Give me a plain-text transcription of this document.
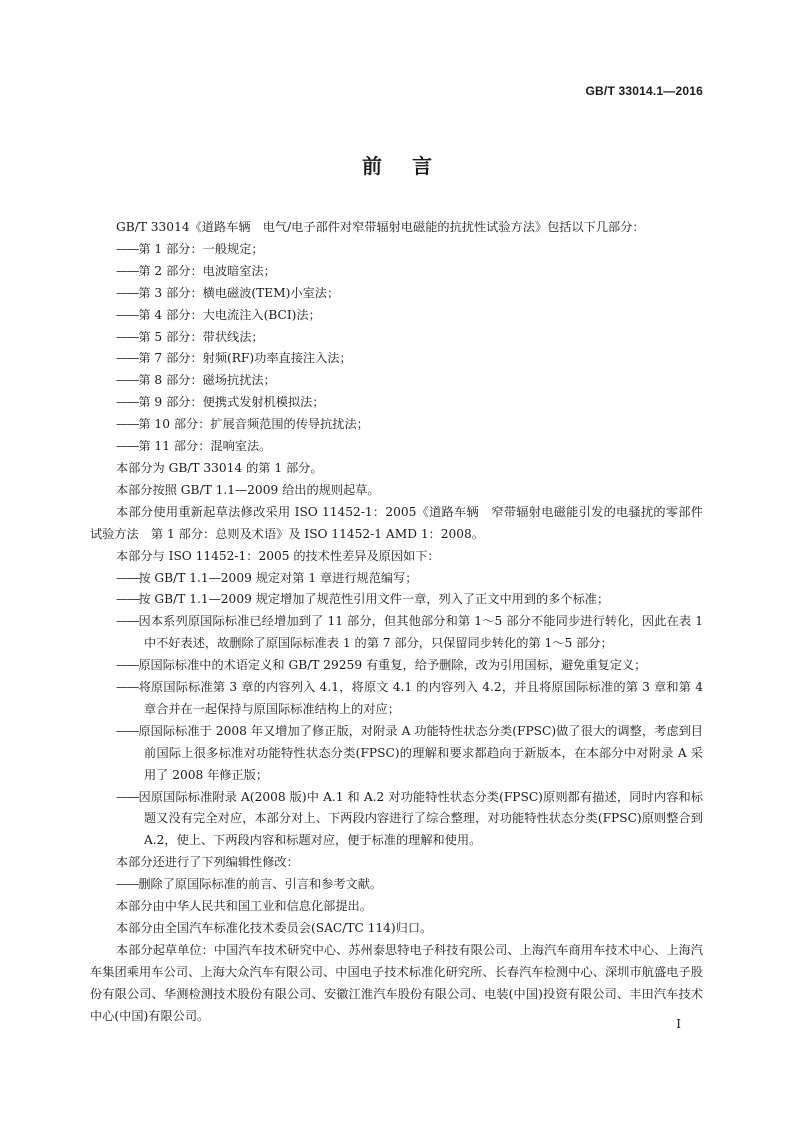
GB/T 33014.1—2016

前言

GB/T 33014《道路车辆　电气/电子部件对窄带辐射电磁能的抗扰性试验方法》包括以下几部分：

——第 1 部分：一般规定；

——第 2 部分：电波暗室法；

——第 3 部分：横电磁波(TEM)小室法；

——第 4 部分：大电流注入(BCI)法；

——第 5 部分：带状线法；

——第 7 部分：射频(RF)功率直接注入法；

——第 8 部分：磁场抗扰法；

——第 9 部分：便携式发射机模拟法；

——第 10 部分：扩展音频范围的传导抗扰法；

——第 11 部分：混响室法。

本部分为 GB/T 33014 的第 1 部分。

本部分按照 GB/T 1.1—2009 给出的规则起草。

本部分使用重新起草法修改采用 ISO 11452-1：2005《道路车辆　窄带辐射电磁能引发的电骚扰的零部件试验方法　第 1 部分：总则及术语》及 ISO 11452-1 AMD 1：2008。

本部分与 ISO 11452-1：2005 的技术性差异及原因如下：

——按 GB/T 1.1—2009 规定对第 1 章进行规范编写；

——按 GB/T 1.1—2009 规定增加了规范性引用文件一章，列入了正文中用到的多个标准；

——因本系列原国际标准已经增加到了 11 部分，但其他部分和第 1～5 部分不能同步进行转化，因此在表 1 中不好表述，故删除了原国际标准表 1 的第 7 部分，只保留同步转化的第 1～5 部分；

——原国际标准中的术语定义和 GB/T 29259 有重复，给予删除，改为引用国标，避免重复定义；

——将原国际标准第 3 章的内容列入 4.1，将原文 4.1 的内容列入 4.2，并且将原国际标准的第 3 章和第 4 章合并在一起保持与原国际标准结构上的对应；

——原国际标准于 2008 年又增加了修正版，对附录 A 功能特性状态分类(FPSC)做了很大的调整，考虑到目前国际上很多标准对功能特性状态分类(FPSC)的理解和要求都趋向于新版本，在本部分中对附录 A 采用了 2008 年修正版；

——因原国际标准附录 A(2008 版)中 A.1 和 A.2 对功能特性状态分类(FPSC)原则都有描述，同时内容和标题又没有完全对应，本部分对上、下两段内容进行了综合整理，对功能特性状态分类(FPSC)原则整合到 A.2，使上、下两段内容和标题对应，便于标准的理解和使用。

本部分还进行了下列编辑性修改：

——删除了原国际标准的前言、引言和参考文献。

本部分由中华人民共和国工业和信息化部提出。

本部分由全国汽车标准化技术委员会(SAC/TC 114)归口。

本部分起草单位：中国汽车技术研究中心、苏州泰思特电子科技有限公司、上海汽车商用车技术中心、上海汽车集团乘用车公司、上海大众汽车有限公司、中国电子技术标准化研究所、长春汽车检测中心、深圳市航盛电子股份有限公司、华测检测技术股份有限公司、安徽江淮汽车股份有限公司、电装(中国)投资有限公司、丰田汽车技术中心(中国)有限公司。

I
